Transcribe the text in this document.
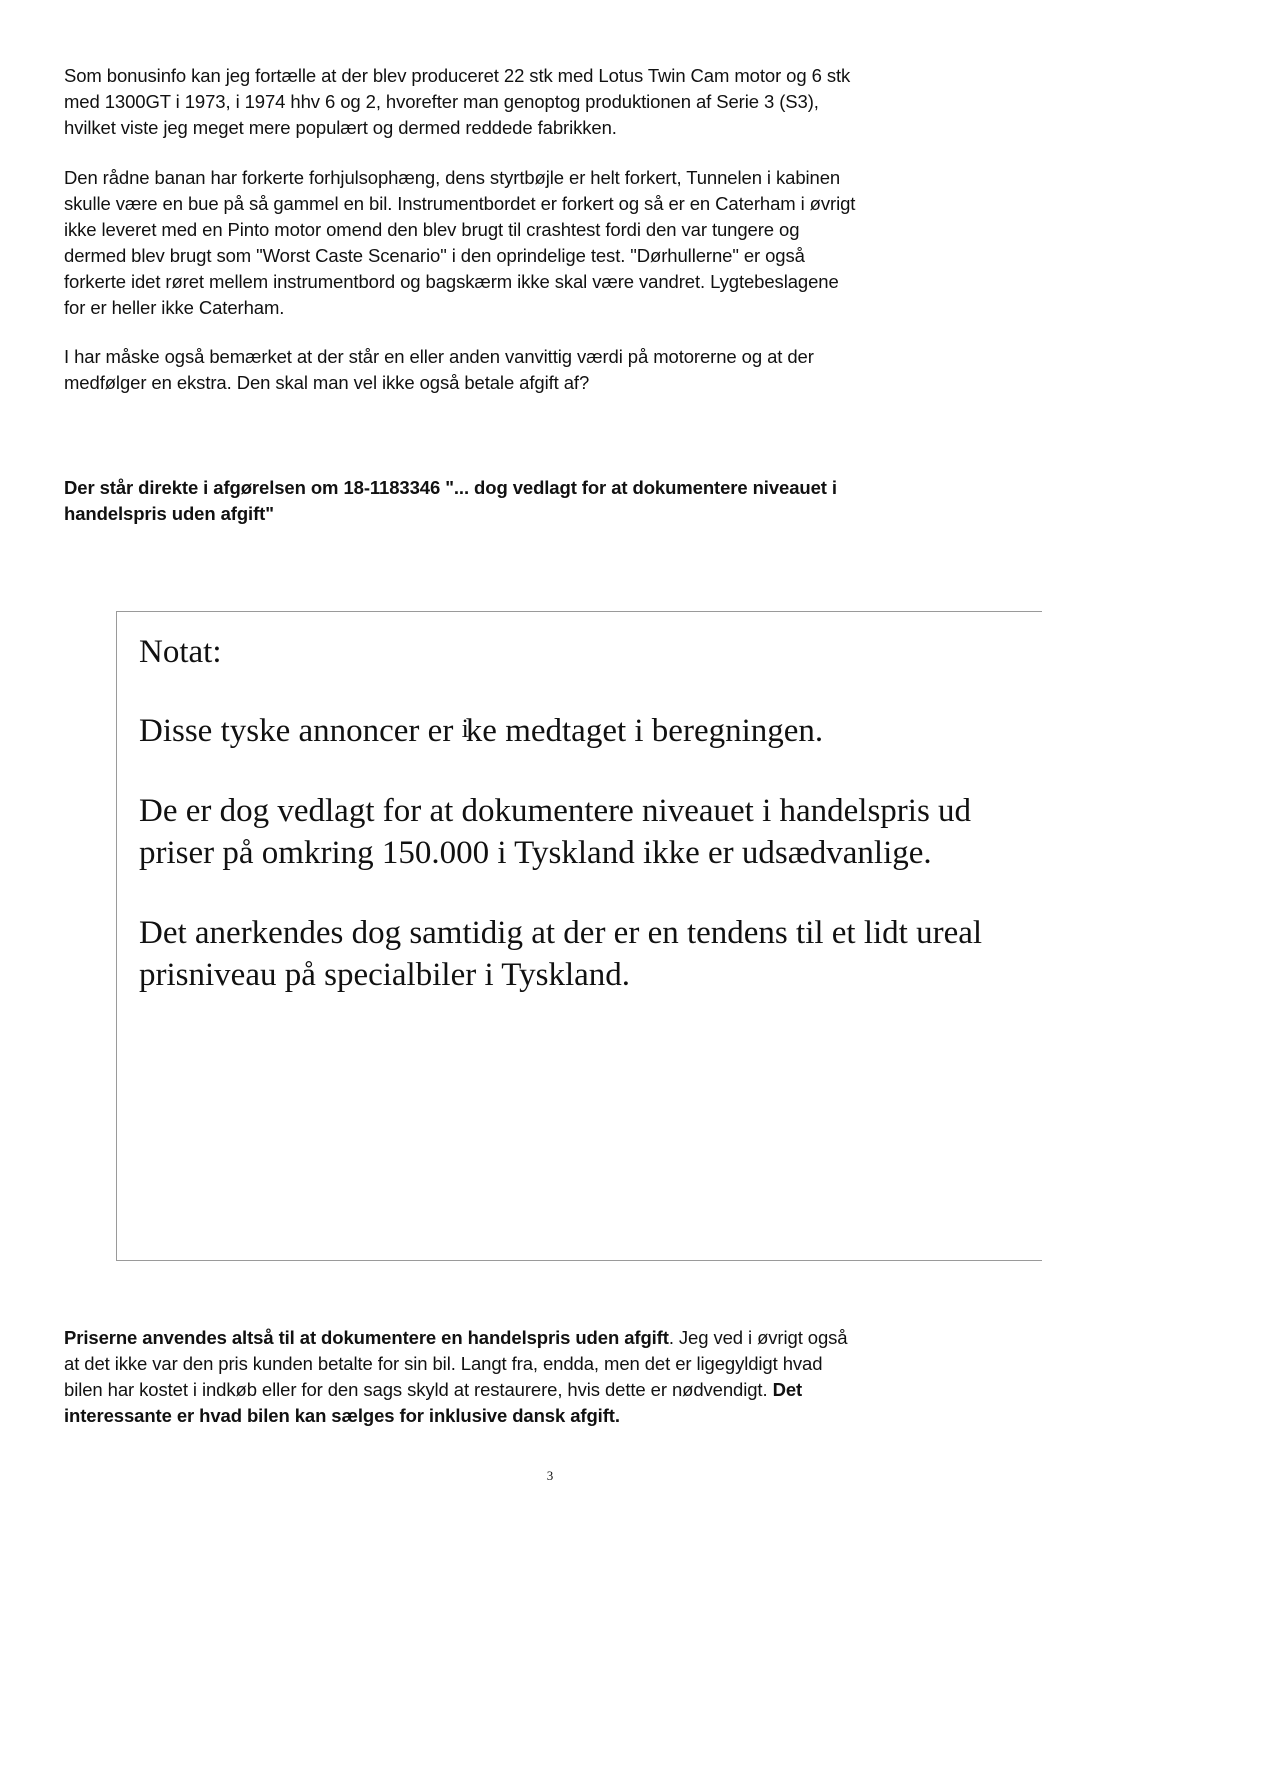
Som bonusinfo kan jeg fortælle at der blev produceret 22 stk med Lotus Twin Cam motor og 6 stk
med 1300GT i 1973, i 1974 hhv 6 og 2, hvorefter man genoptog produktionen af Serie 3 (S3),
hvilket viste jeg meget mere populært og dermed reddede fabrikken.

Den rådne banan har forkerte forhjulsophæng, dens styrtbøjle er helt forkert, Tunnelen i kabinen
skulle være en bue på så gammel en bil. Instrumentbordet er forkert og så er en Caterham i øvrigt
ikke leveret med en Pinto motor omend den blev brugt til crashtest fordi den var tungere og
dermed blev brugt som "Worst Caste Scenario" i den oprindelige test. "Dørhullerne" er også
forkerte idet røret mellem instrumentbord og bagskærm ikke skal være vandret. Lygtebeslagene
for er heller ikke Caterham.

I har måske også bemærket at der står en eller anden vanvittig værdi på motorerne og at der
medfølger en ekstra. Den skal man vel ikke også betale afgift af?

Der står direkte i afgørelsen om 18-1183346 "... dog vedlagt for at dokumentere niveauet i
handelspris uden afgift"

Notat:

Disse tyske annoncer er ike medtaget i beregningen.

De er dog vedlagt for at dokumentere niveauet i handelspris ud
priser på omkring 150.000 i Tyskland ikke er udsædvanlige.

Det anerkendes dog samtidig at der er en tendens til et lidt ureal
prisniveau på specialbiler i Tyskland.

Priserne anvendes altså til at dokumentere en handelspris uden afgift. Jeg ved i øvrigt også
at det ikke var den pris kunden betalte for sin bil. Langt fra, endda, men det er ligegyldigt hvad
bilen har kostet i indkøb eller for den sags skyld at restaurere, hvis dette er nødvendigt. Det
interessante er hvad bilen kan sælges for inklusive dansk afgift.

3
